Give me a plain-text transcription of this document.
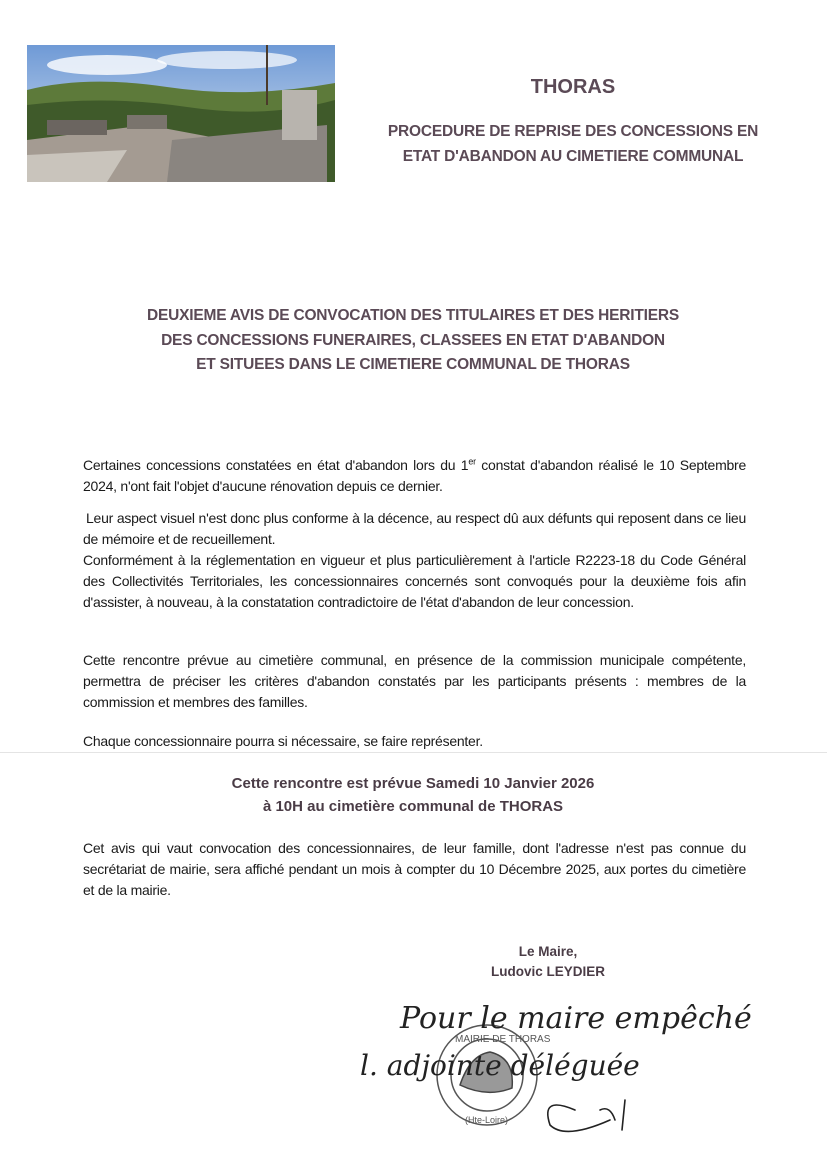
THORAS
PROCEDURE DE REPRISE DES CONCESSIONS EN
ETAT D'ABANDON AU CIMETIERE COMMUNAL
DEUXIEME AVIS DE CONVOCATION DES TITULAIRES ET DES HERITIERS
DES CONCESSIONS FUNERAIRES, CLASSEES EN ETAT D'ABANDON
ET SITUEES DANS LE CIMETIERE COMMUNAL DE THORAS

Certaines concessions constatées en état d'abandon lors du 1er constat d'abandon réalisé le 10 Septembre 2024, n'ont fait l'objet d'aucune rénovation depuis ce dernier.

Leur aspect visuel n'est donc plus conforme à la décence, au respect dû aux défunts qui reposent dans ce lieu de mémoire et de recueillement.

Conformément à la réglementation en vigueur et plus particulièrement à l'article R2223-18 du Code Général des Collectivités Territoriales, les concessionnaires concernés sont convoqués pour la deuxième fois afin d'assister, à nouveau, à la constatation contradictoire de l'état d'abandon de leur concession.

Cette rencontre prévue au cimetière communal, en présence de la commission municipale compétente, permettra de préciser les critères d'abandon constatés par les participants présents : membres de la commission et membres des familles.

Chaque concessionnaire pourra si nécessaire, se faire représenter.

Cette rencontre est prévue Samedi 10 Janvier 2026
à 10H au cimetière communal de THORAS

Cet avis qui vaut convocation des concessionnaires, de leur famille, dont l'adresse n'est pas connue du secrétariat de mairie, sera affiché pendant un mois à compter du 10 Décembre 2025, aux portes du cimetière et de la mairie.

Le Maire,
Ludovic LEYDIER
MAIRIE DE THORAS
(Hte-Loire)
Pour le maire empêché
l. adjointe déléguée
